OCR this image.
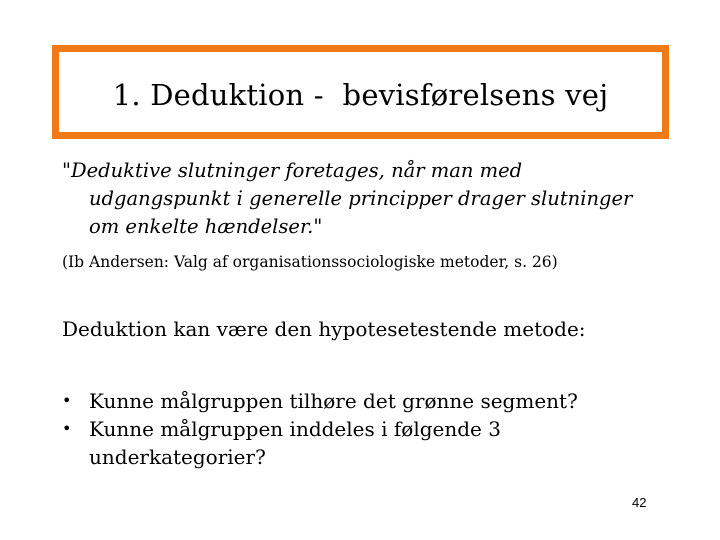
1. Deduktion -  bevisførelsens vej

"Deduktive slutninger foretages, når man med
udgangspunkt i generelle principper drager slutninger
om enkelte hændelser."

(Ib Andersen: Valg af organisationssociologiske metoder, s. 26)
Deduktion kan være den hypotesetestende metode:
• Kunne målgruppen tilhøre det grønne segment?
• Kunne målgruppen inddeles i følgende 3 underkategorier?
42
